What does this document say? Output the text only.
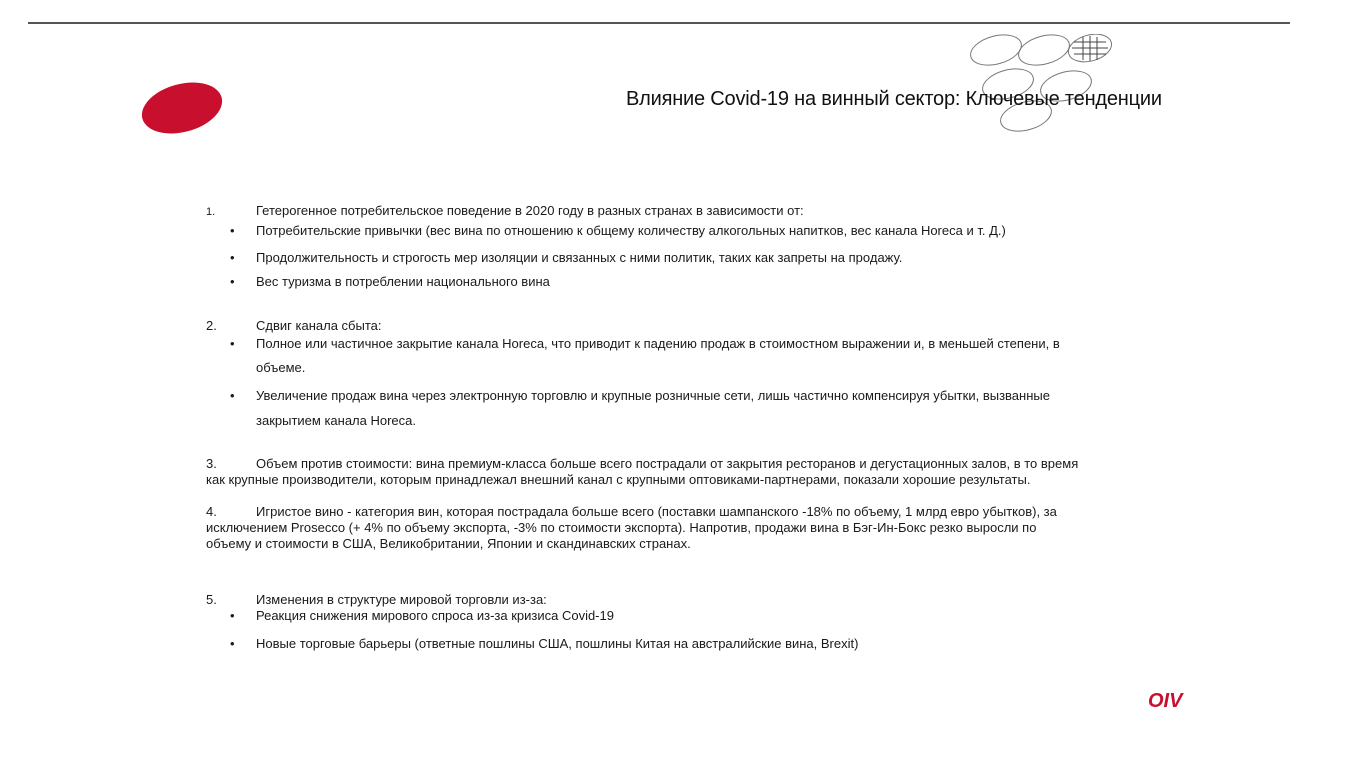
Влияние Covid-19 на винный сектор: Ключевые тенденции
1.	Гетерогенное потребительское поведение в 2020 году в разных странах в зависимости от:
• Потребительские привычки (вес вина по отношению к общему количеству алкогольных напитков, вес канала Horeca и т. Д.)
• Продолжительность и строгость мер изоляции и связанных с ними политик, таких как запреты на продажу.
• Вес туризма в потреблении национального вина
2.	Сдвиг канала сбыта:
• Полное или частичное закрытие канала Horeca, что приводит к падению продаж в стоимостном выражении и, в меньшей степени, в
объеме.
• Увеличение продаж вина через электронную торговлю и крупные розничные сети, лишь частично компенсируя убытки, вызванные
закрытием канала Horeca.
3.	Объем против стоимости: вина премиум-класса больше всего пострадали от закрытия ресторанов и дегустационных залов, в то время
как крупные производители, которым принадлежал внешний канал с крупными оптовиками-партнерами, показали хорошие результаты.
4.	Игристое вино - категория вин, которая пострадала больше всего (поставки шампанского -18% по объему, 1 млрд евро убытков), за
исключением Prosecco (+ 4% по объему экспорта, -3% по стоимости экспорта). Напротив, продажи вина в Бэг-Ин-Бокс резко выросли по
объему и стоимости в США, Великобритании, Японии и скандинавских странах.
5.	Изменения в структуре мировой торговли из-за:
• Реакция снижения мирового спроса из-за кризиса Covid-19
• Новые торговые барьеры (ответные пошлины США, пошлины Китая на австралийские вина, Brexit)
OIV
